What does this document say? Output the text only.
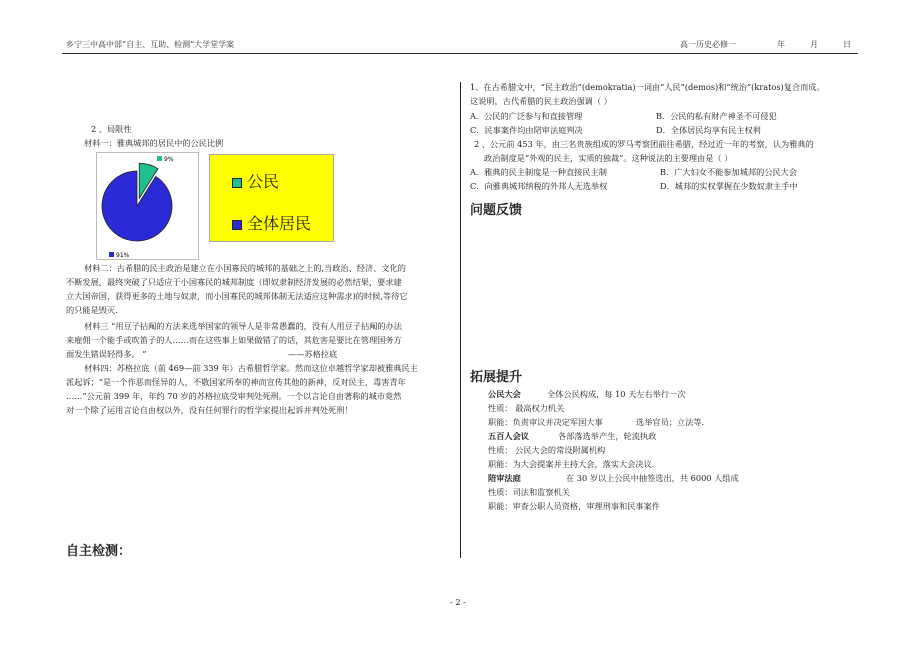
乡宁三中高中部“自主、互助、检测”大学堂学案	高一历史必修一	年	月	日
2 、局限性
材料一：雅典城邦的居民中的公民比例
9%
91%
公民
全体居民
材料二：古希腊的民主政治是建立在小国寡民的城邦的基础之上的,当政治、经济、文化的
不断发展，最终突破了只适应于小国寡民的城邦制度（即奴隶制经济发展的必然结果，要求建
立大国帝国，获得更多的土地与奴隶，而小国寡民的城邦体制无法适应这种需求)的时候,等待它
的只能是毁灭.
材料三 “用豆子拈阄的方法来选举国家的领导人是非常愚蠢的，没有人用豆子拈阄的办法
来雇佣一个能手或吹笛子的人……而在这些事上如果做错了的话，其危害是要比在管理国务方
面发生错误轻得多。 ”	——苏格拉底
材料四：苏格拉底（前 469—前 339 年）古希腊哲学家。然而这位卓越哲学家却被雅典民主
派起诉；“是一个作恶而怪异的人，不敬国家所奉的神而宣传其他的新神，反对民主，毒害青年
……”公元前 399 年，年约 70 岁的苏格拉底受审判处死刑。一个以言论自由著称的城市竟然
对一个除了运用言论自由权以外，没有任何罪行的哲学家提出起诉并判处死刑！
自主检测：
1、在古希腊文中，“民主政治”(demokratia)一词由“人民”(demos)和“统治”(kratos)复合而成。
这说明，古代希腊的民主政治强调（ ）
A．公民的广泛参与和直接管理	B．公民的私有财产神圣不可侵犯
C．民事案件均由陪审法庭判决	D．全体居民均享有民主权利
2 、公元前 453 年，由三名贵族组成的罗马考察团前往希腊，经过近一年的考察，认为雅典的
政治制度是“外观的民主，实质的独裁”。这种说法的主要理由是（ ）
A．雅典的民主制度是一种直接民主制	B．广大妇女不能参加城邦的公民大会
C．向雅典城邦纳税的外邦人无选举权	D．城邦的实权掌握在少数奴隶主手中
问题反馈
拓展提升
公民大会	全体公民构成，每 10 天左右举行一次
性质： 最高权力机关
职能：负责审议并决定军国大事	选举官员；立法等.
五百人会议	各部落选举产生，轮流执政
性质： 公民大会的常设附属机构
职能：为大会提案并主持大会，落实大会决议.
陪审法庭	在 30 岁以上公民中抽签选出，共 6000 人组成
性质：司法和监察机关
职能：审查公职人员资格，审理刑事和民事案件
- 2 -
